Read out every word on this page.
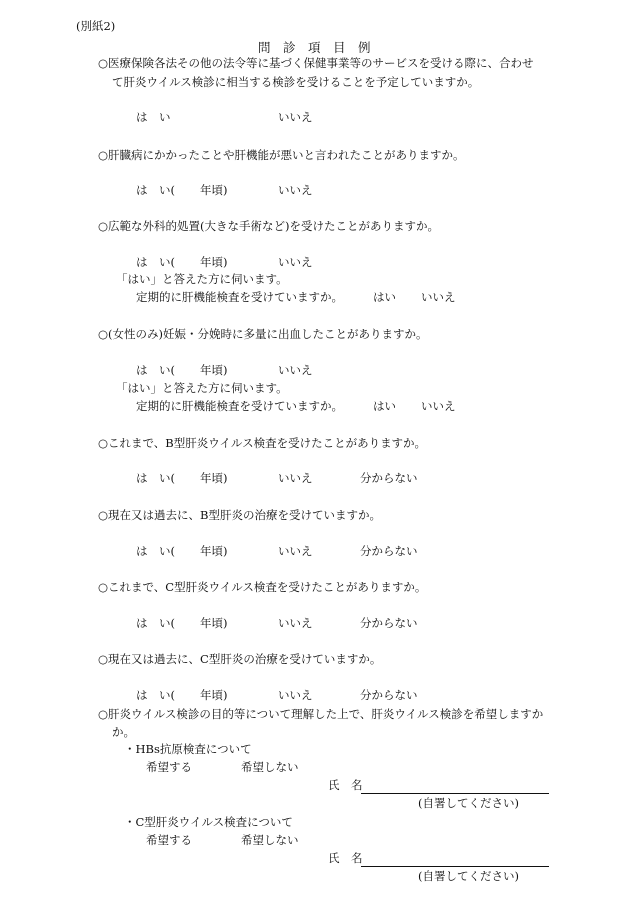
(別紙2)
問　診　項　目　例
○医療保険各法その他の法令等に基づく保健事業等のサービスを受ける際に、合わせ
て肝炎ウイルス検診に相当する検診を受けることを予定していますか。
は　い	いいえ
○肝臓病にかかったことや肝機能が悪いと言われたことがありますか。
は　い( 年頃)	いいえ
○広範な外科的処置(大きな手術など)を受けたことがありますか。
は　い( 年頃)	いいえ
「はい」と答えた方に伺います。
定期的に肝機能検査を受けていますか。	はい いいえ
○(女性のみ)妊娠・分娩時に多量に出血したことがありますか。
は　い( 年頃)	いいえ
「はい」と答えた方に伺います。
定期的に肝機能検査を受けていますか。	はい いいえ
○これまで、B型肝炎ウイルス検査を受けたことがありますか。
は　い( 年頃)	いいえ	分からない
○現在又は過去に、B型肝炎の治療を受けていますか。
は　い( 年頃)	いいえ	分からない
○これまで、C型肝炎ウイルス検査を受けたことがありますか。
は　い( 年頃)	いいえ	分からない
○現在又は過去に、C型肝炎の治療を受けていますか。
は　い( 年頃)	いいえ	分からない
○肝炎ウイルス検診の目的等について理解した上で、肝炎ウイルス検診を希望しますか
か。
・HBs抗原検査について
希望する	希望しない
氏　名
(自署してください)
・C型肝炎ウイルス検査について
希望する	希望しない
氏　名
(自署してください)
